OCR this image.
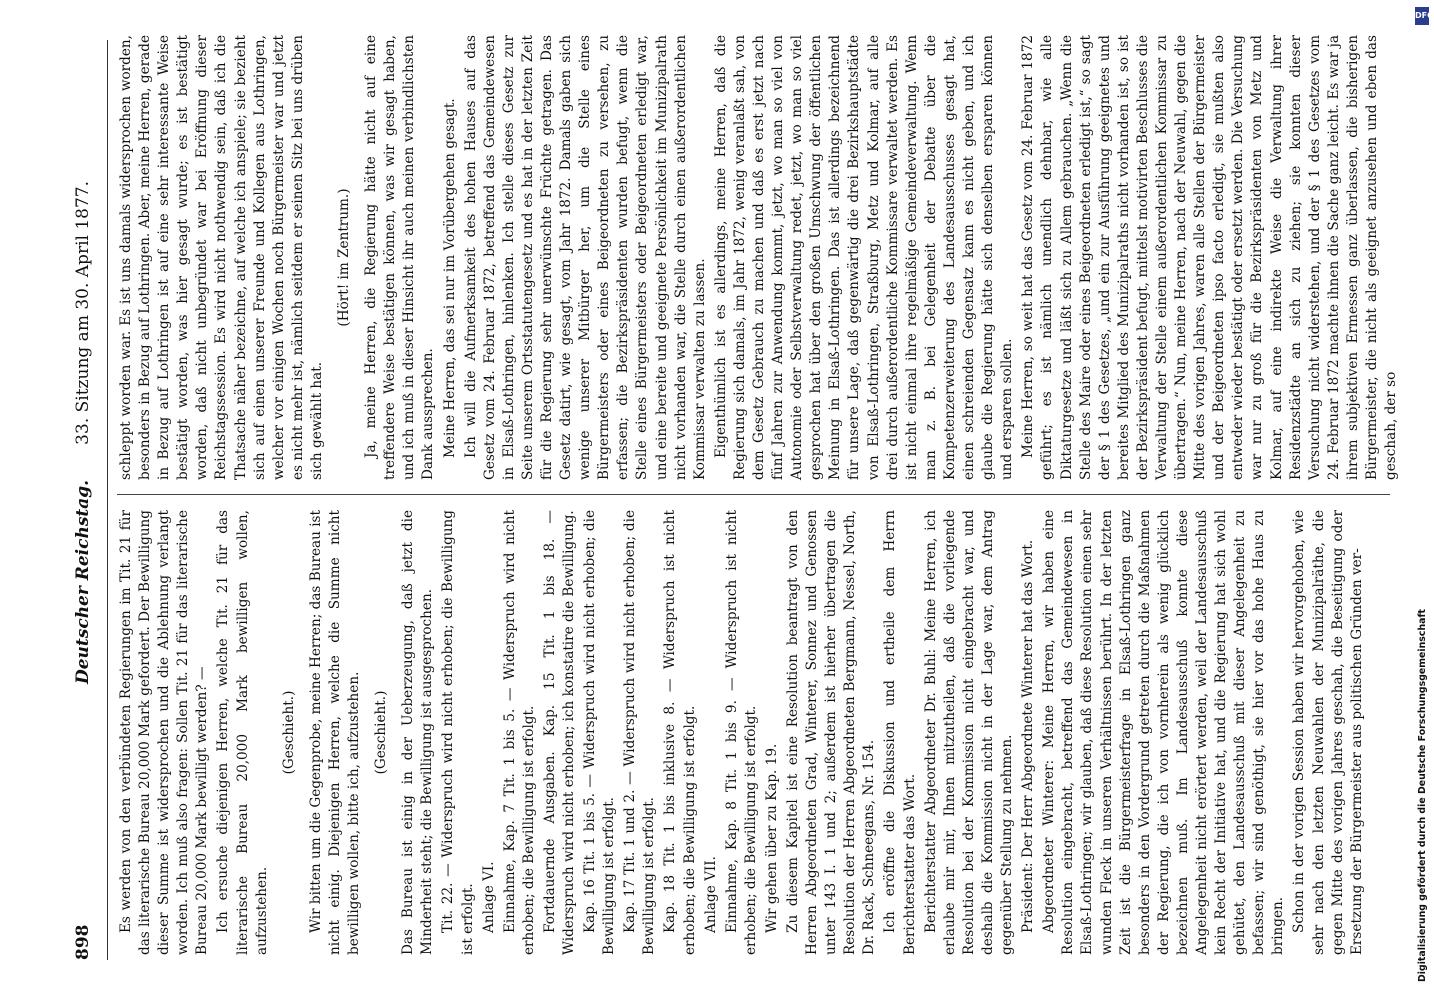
898
Deutscher Reichstag.
33. Sitzung am 30. April 1877.

Es werden von den verbündeten Regierungen im Tit. 21 für das literarische Bureau 20,000 Mark gefordert. Der Bewilligung dieser Summe ist widersprochen und die Ablehnung verlangt worden. Ich muß also fragen: Sollen Tit. 21 für das literarische Bureau 20,000 Mark bewilligt werden? — Ich ersuche diejenigen Herren, welche Tit. 21 für das literarische Bureau 20,000 Mark bewilligen wollen, aufzustehen.

(Geschieht.) Wir bitten um die Gegenprobe, meine Herren; das Bureau ist nicht einig. Diejenigen Herren, welche die Summe nicht bewilligen wollen, bitte ich, aufzustehen. (Geschieht.) Das Bureau ist einig in der Ueberzeugung, daß jetzt die Minderheit steht; die Bewilligung ist ausgesprochen. Tit. 22. — Widerspruch wird nicht erhoben; die Bewilligung ist erfolgt. Anlage VI. Einnahme, Kap. 7 Tit. 1 bis 5. — Widerspruch wird nicht erhoben; die Bewilligung ist erfolgt. Fortdauernde Ausgaben. Kap. 15 Tit. 1 bis 18. — Widerspruch wird nicht erhoben; ich konstatire die Bewilligung. Kap. 16 Tit. 1 bis 5. — Widerspruch wird nicht erhoben; die Bewilligung ist erfolgt. Kap. 17 Tit. 1 und 2. — Widerspruch wird nicht erhoben; die Bewilligung ist erfolgt. Kap. 18 Tit. 1 bis inklusive 8. — Widerspruch ist nicht erhoben; die Bewilligung ist erfolgt. Anlage VII. Einnahme, Kap. 8 Tit. 1 bis 9. — Widerspruch ist nicht erhoben; die Bewilligung ist erfolgt. Wir gehen über zu Kap. 19. Zu diesem Kapitel ist eine Resolution beantragt von den Herren Abgeordneten Grad, Winterer, Sonnez und Genossen unter 143 I. 1 und 2; außerdem ist hierher übertragen die Resolution der Herren Abgeordneten Bergmann, Nessel, North, Dr. Rack, Schneegans, Nr. 154. Ich eröffne die Diskussion und ertheile dem Herrn Berichterstatter das Wort. Berichterstatter Abgeordneter Dr. Buhl: Meine Herren, ich erlaube mir mir, Ihnen mitzutheilen, daß die vorliegende Resolution bei der Kommission nicht eingebracht war, und deshalb die Kommission nicht in der Lage war, dem Antrag gegenüber Stellung zu nehmen. Präsident: Der Herr Abgeordnete Winterer hat das Wort. Abgeordneter Winterer: Meine Herren, wir haben eine Resolution eingebracht, betreffend das Gemeindewesen in Elsaß-Lothringen; wir glauben, daß diese Resolution einen sehr wunden Fleck in unseren Verhältnissen berührt. In der letzten Zeit ist die Bürgermeisterfrage in Elsaß-Lothringen ganz besonders in den Vordergrund getreten durch die Maßnahmen der Regierung, die ich von vornherein als wenig glücklich bezeichnen muß. Im Landesausschuß konnte diese Angelegenheit nicht erörtert werden, weil der Landesausschuß kein Recht der Initiative hat, und die Regierung hat sich wohl gehütet, den Landesausschuß mit dieser Angelegenheit zu befassen; wir sind genöthigt, sie hier vor das hohe Haus zu bringen. Schon in der vorigen Session haben wir hervorgehoben, wie sehr nach den letzten Neuwahlen der Munizipalräthe, die gegen Mitte des vorigen Jahres geschah, die Beseitigung oder Ersetzung der Bürgermeister aus politischen Gründen ver-

schleppt worden war. Es ist uns damals widersprochen worden, besonders in Bezug auf Lothringen. Aber, meine Herren, gerade in Bezug auf Lothringen ist auf eine sehr interessante Weise bestätigt worden, was hier gesagt wurde; es ist bestätigt worden, daß nicht unbegründet war bei Eröffnung dieser Reichstagssession. Es wird nicht nothwendig sein, daß ich die Thatsache näher bezeichne, auf welche ich anspiele; sie bezieht sich auf einen unserer Freunde und Kollegen aus Lothringen, welcher vor einigen Wochen noch Bürgermeister war und jetzt es nicht mehr ist, nämlich seitdem er seinen Sitz bei uns drüben sich gewählt hat.

(Hört! im Zentrum.) Ja, meine Herren, die Regierung hätte nicht auf eine treffendere Weise bestätigen können, was wir gesagt haben, und ich muß in dieser Hinsicht ihr auch meinen verbindlichsten Dank aussprechen. Meine Herren, das sei nur im Vorübergehen gesagt. Ich will die Aufmerksamkeit des hohen Hauses auf das Gesetz vom 24. Februar 1872, betreffend das Gemeindewesen in Elsaß-Lothringen, hinlenken. Ich stelle dieses Gesetz zur Seite unserem Ortsstatutengesetz und es hat in der letzten Zeit für die Regierung sehr unerwünschte Früchte getragen. Das Gesetz datirt, wie gesagt, vom Jahr 1872. Damals gaben sich wenige unserer Mitbürger her, um die Stelle eines Bürgermeisters oder eines Beigeordneten zu versehen, zu erfassen; die Bezirkspräsidenten wurden befugt, wenn die Stelle eines Bürgermeisters oder Beigeordneten erledigt war, und eine bereite und geeignete Persönlichkeit im Munizipalrath nicht vorhanden war, die Stelle durch einen außerordentlichen Kommissar verwalten zu lassen. Eigenthümlich ist es allerdings, meine Herren, daß die Regierung sich damals, im Jahr 1872, wenig veranlaßt sah, von dem Gesetz Gebrauch zu machen und daß es erst jetzt nach fünf Jahren zur Anwendung kommt, jetzt, wo man so viel von Autonomie oder Selbstverwaltung redet, jetzt, wo man so viel gesprochen hat über den großen Umschwung der öffentlichen Meinung in Elsaß-Lothringen. Das ist allerdings bezeichnend für unsere Lage, daß gegenwärtig die drei Bezirkshauptstädte von Elsaß-Lothringen, Straßburg, Metz und Kolmar, auf alle drei durch außerordentliche Kommissare verwaltet werden. Es ist nicht einmal ihre regelmäßige Gemeindeverwaltung. Wenn man z. B. bei Gelegenheit der Debatte über die Kompetenzerweiterung des Landesausschusses gesagt hat, einen schreienden Gegensatz kann es nicht geben, und ich glaube die Regierung hätte sich denselben ersparen können und ersparen sollen. Meine Herren, so weit hat das Gesetz vom 24. Februar 1872 geführt; es ist nämlich unendlich dehnbar, wie alle Diktaturgesetze und läßt sich zu Allem gebrauchen. „Wenn die Stelle des Maire oder eines Beigeordneten erledigt ist,“ so sagt der § 1 des Gesetzes, „und ein zur Ausführung geeignetes und bereites Mitglied des Munizipalraths nicht vorhanden ist, so ist der Bezirkspräsident befugt, mittelst motivirten Beschlusses die Verwaltung der Stelle einem außerordentlichen Kommissar zu übertragen.“ Nun, meine Herren, nach der Neuwahl, gegen die Mitte des vorigen Jahres, waren alle Stellen der Bürgermeister und der Beigeordneten ipso facto erledigt, sie mußten also entweder wieder bestätigt oder ersetzt werden. Die Versuchung war nur zu groß für die Bezirkspräsidenten von Metz und Kolmar, auf eine indirekte Weise die Verwaltung ihrer Residenzstädte an sich zu ziehen; sie konnten dieser Versuchung nicht widerstehen, und der § 1 des Gesetzes vom 24. Februar 1872 machte ihnen die Sache ganz leicht. Es war ja ihrem subjektiven Ermessen ganz überlassen, die bisherigen Bürgermeister, die nicht als geeignet anzusehen und eben das geschah, der so

DFG
Digitalisierung gefördert durch die Deutsche Forschungsgemeinschaft
